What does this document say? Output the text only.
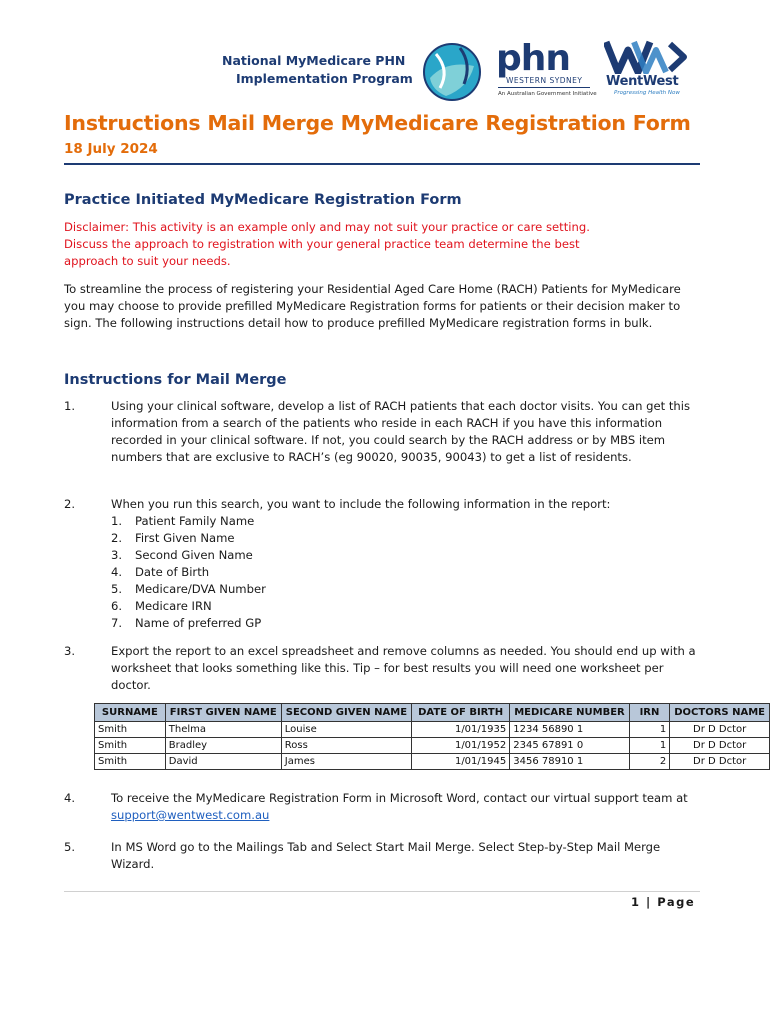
National MyMedicare PHN
Implementation Program phn
WESTERN SYDNEY
An Australian Government Initiative
WentWest
Progressing Health Now
Instructions Mail Merge MyMedicare Registration Form
18 July 2024
Practice Initiated MyMedicare Registration Form
Disclaimer: This activity is an example only and may not suit your practice or care setting. Discuss the approach to registration with your general practice team determine the best approach to suit your needs.
To streamline the process of registering your Residential Aged Care Home (RACH) Patients for MyMedicare you may choose to provide prefilled MyMedicare Registration forms for patients or their decision maker to sign. The following instructions detail how to produce prefilled MyMedicare registration forms in bulk.
Instructions for Mail Merge
1.	Using your clinical software, develop a list of RACH patients that each doctor visits. You can get this information from a search of the patients who reside in each RACH if you have this information recorded in your clinical software. If not, you could search by the RACH address or by MBS item numbers that are exclusive to RACH’s (eg 90020, 90035, 90043) to get a list of residents.
2.	When you run this search, you want to include the following information in the report:
1. Patient Family Name
2. First Given Name
3. Second Given Name
4. Date of Birth
5. Medicare/DVA Number
6. Medicare IRN
7. Name of preferred GP
3.	Export the report to an excel spreadsheet and remove columns as needed. You should end up with a worksheet that looks something like this. Tip – for best results you will need one worksheet per doctor.
SURNAME	FIRST GIVEN NAME	SECOND GIVEN NAME	DATE OF BIRTH	MEDICARE NUMBER	IRN	DOCTORS NAME
Smith	Thelma	Louise	1/01/1935	1234 56890 1	1	Dr D Dctor
Smith	Bradley	Ross	1/01/1952	2345 67891 0	1	Dr D Dctor
Smith	David	James	1/01/1945	3456 78910 1	2	Dr D Dctor
4.	To receive the MyMedicare Registration Form in Microsoft Word, contact our virtual support team at support@wentwest.com.au
5.	In MS Word go to the Mailings Tab and Select Start Mail Merge. Select Step-by-Step Mail Merge Wizard.
1 | Page
